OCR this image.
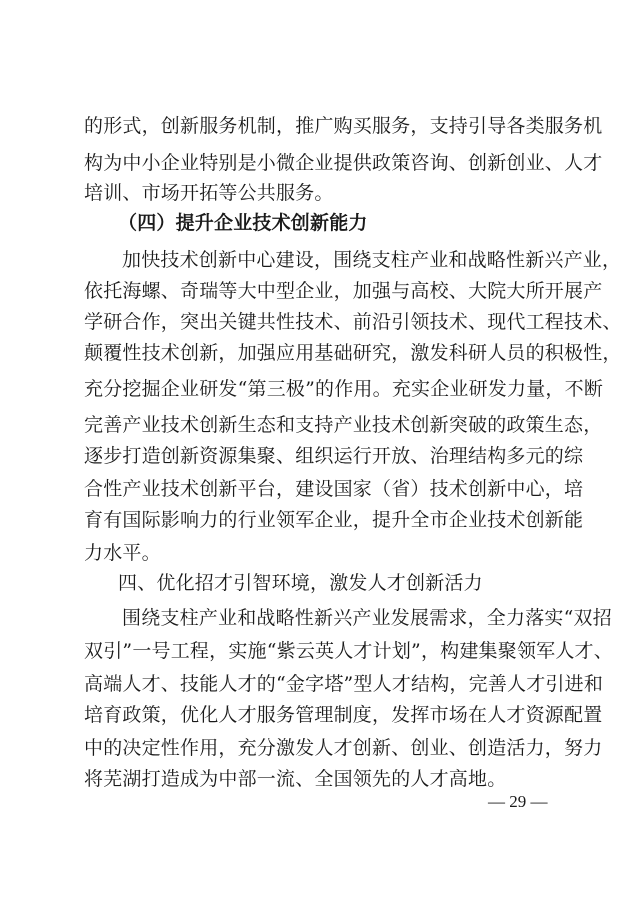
的形式，创新服务机制，推广购买服务，支持引导各类服务机
构为中小企业特别是小微企业提供政策咨询、创新创业、人才
培训、市场开拓等公共服务。
（四）提升企业技术创新能力
加快技术创新中心建设，围绕支柱产业和战略性新兴产业，
依托海螺、奇瑞等大中型企业，加强与高校、大院大所开展产
学研合作，突出关键共性技术、前沿引领技术、现代工程技术、
颠覆性技术创新，加强应用基础研究，激发科研人员的积极性，
充分挖掘企业研发“第三极”的作用。充实企业研发力量，不断
完善产业技术创新生态和支持产业技术创新突破的政策生态，
逐步打造创新资源集聚、组织运行开放、治理结构多元的综
合性产业技术创新平台，建设国家（省）技术创新中心，培
育有国际影响力的行业领军企业，提升全市企业技术创新能
力水平。
四、优化招才引智环境，激发人才创新活力
围绕支柱产业和战略性新兴产业发展需求，全力落实“双招
双引”一号工程，实施“紫云英人才计划”，构建集聚领军人才、
高端人才、技能人才的“金字塔”型人才结构，完善人才引进和
培育政策，优化人才服务管理制度，发挥市场在人才资源配置
中的决定性作用，充分激发人才创新、创业、创造活力，努力
将芜湖打造成为中部一流、全国领先的人才高地。
— 29 —
